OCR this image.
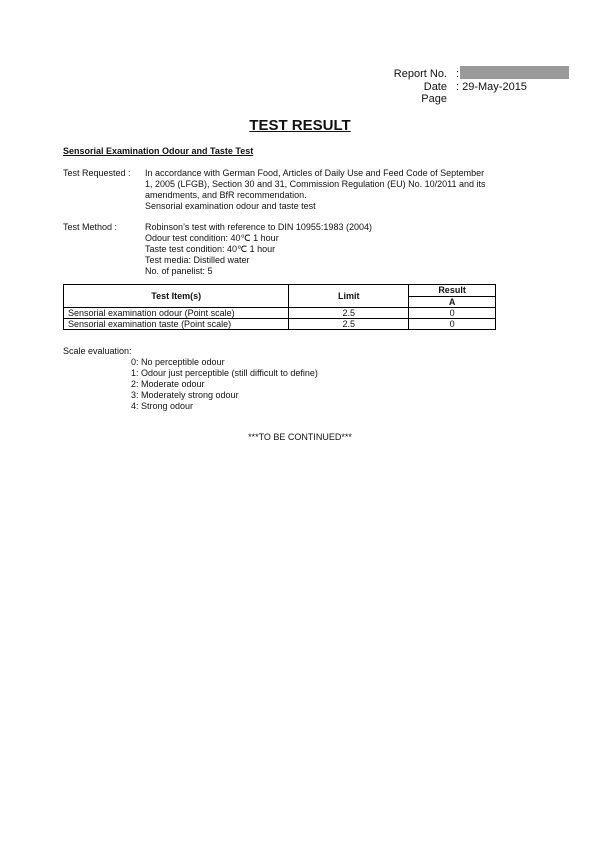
Report No. :
Date : 29-May-2015
Page
TEST RESULT
Sensorial Examination Odour and Taste Test
Test Requested : In accordance with German Food, Articles of Daily Use and Feed Code of September
1, 2005 (LFGB), Section 30 and 31, Commission Regulation (EU) No. 10/2011 and its
amendments, and BfR recommendation.
Sensorial examination odour and taste test
Test Method :	Robinson’s test with reference to DIN 10955:1983 (2004)
Odour test condition: 40℃ 1 hour
Taste test condition: 40℃ 1 hour
Test media: Distilled water
No. of panelist: 5
Test Item(s)	Limit	Result
		A
Sensorial examination odour (Point scale)	2.5	0
Sensorial examination taste (Point scale)	2.5	0
Scale evaluation:
0: No perceptible odour
1: Odour just perceptible (still difficult to define)
2: Moderate odour
3: Moderately strong odour
4: Strong odour
***TO BE CONTINUED***
